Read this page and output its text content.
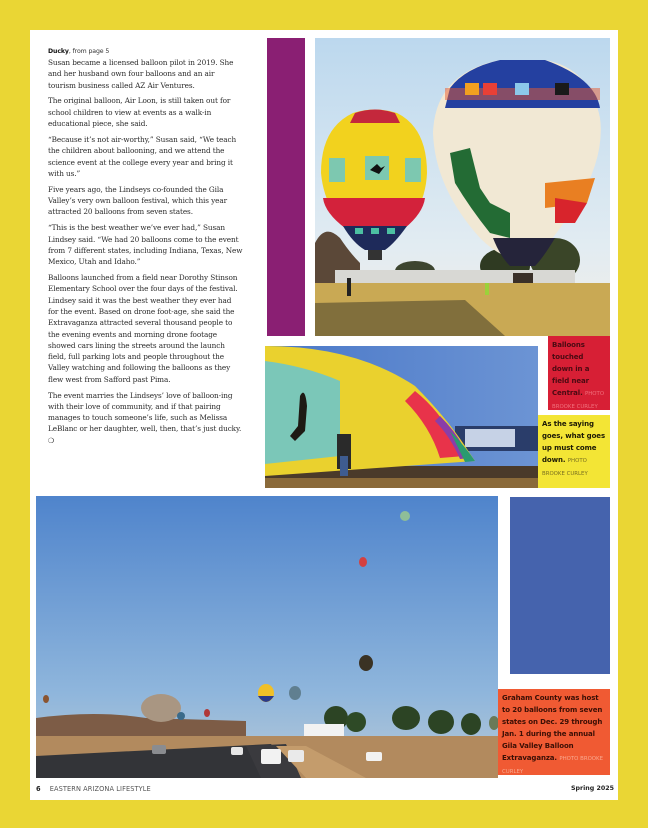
Ducky, from page 5

Susan became a licensed balloon pilot in 2019. She and her husband own four balloons and an air tourism business called AZ Air Ventures.

The original balloon, Air Loon, is still taken out for school children to view at events as a walk-in educational piece, she said.

“Because it’s not air-worthy,” Susan said, “We teach the children about ballooning, and we attend the science event at the college every year and bring it with us.”

Five years ago, the Lindseys co-founded the Gila Valley’s very own balloon festival, which this year attracted 20 balloons from seven states.

“This is the best weather we’ve ever had,” Susan Lindsey said. “We had 20 balloons come to the event from 7 different states, including Indiana, Texas, New Mexico, Utah and Idaho.”

Balloons launched from a field near Dorothy Stinson Elementary School over the four days of the festival. Lindsey said it was the best weather they ever had for the event. Based on drone foot-age, she said the Extravaganza attracted several thousand people to the evening events and morning drone footage showed cars lining the streets around the launch field, full parking lots and people throughout the Valley watching and following the balloons as they flew west from Safford past Pima.

The event marries the Lindseys’ love of balloon-ing with their love of community, and if that pairing manages to touch someone’s life, such as Melissa LeBlanc or her daughter, well, then, that’s just ducky. ❍

Balloons touched down in a field near Central. PHOTO BROOKE CURLEY
As the saying goes, what goes up must come down. PHOTO BROOKE CURLEY
Graham County was host to 20 balloons from seven states on Dec. 29 through Jan. 1 during the annual Gila Valley Balloon Extravaganza. PHOTO BROOKE CURLEY
6 EASTERN ARIZONA LIFESTYLE	Spring 2025
